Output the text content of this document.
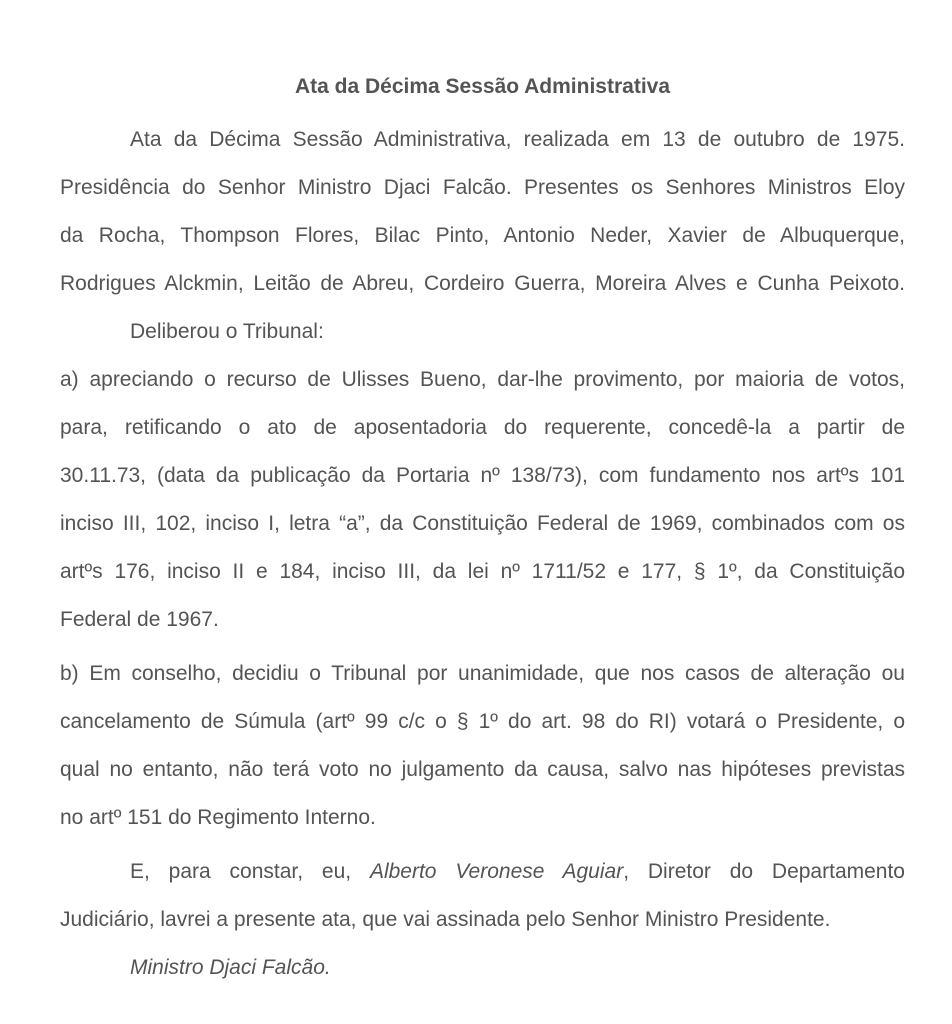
Ata da Décima Sessão Administrativa
Ata da Décima Sessão Administrativa, realizada em 13 de outubro de 1975.
Presidência do Senhor Ministro Djaci Falcão. Presentes os Senhores Ministros Eloy
da Rocha, Thompson Flores, Bilac Pinto, Antonio Neder, Xavier de Albuquerque,
Rodrigues Alckmin, Leitão de Abreu, Cordeiro Guerra, Moreira Alves e Cunha Peixoto.
Deliberou o Tribunal:
a) apreciando o recurso de Ulisses Bueno, dar-lhe provimento, por maioria de votos,
para, retificando o ato de aposentadoria do requerente, concedê-la a partir de
30.11.73, (data da publicação da Portaria nº 138/73), com fundamento nos artºs 101
inciso III, 102, inciso I, letra “a”, da Constituição Federal de 1969, combinados com os
artºs 176, inciso II e 184, inciso III, da lei nº 1711/52 e 177, § 1º, da Constituição
Federal de 1967.
b) Em conselho, decidiu o Tribunal por unanimidade, que nos casos de alteração ou
cancelamento de Súmula (artº 99 c/c o § 1º do art. 98 do RI) votará o Presidente, o
qual no entanto, não terá voto no julgamento da causa, salvo nas hipóteses previstas
no artº 151 do Regimento Interno.
E, para constar, eu, Alberto Veronese Aguiar, Diretor do Departamento
Judiciário, lavrei a presente ata, que vai assinada pelo Senhor Ministro Presidente.
Ministro Djaci Falcão.
